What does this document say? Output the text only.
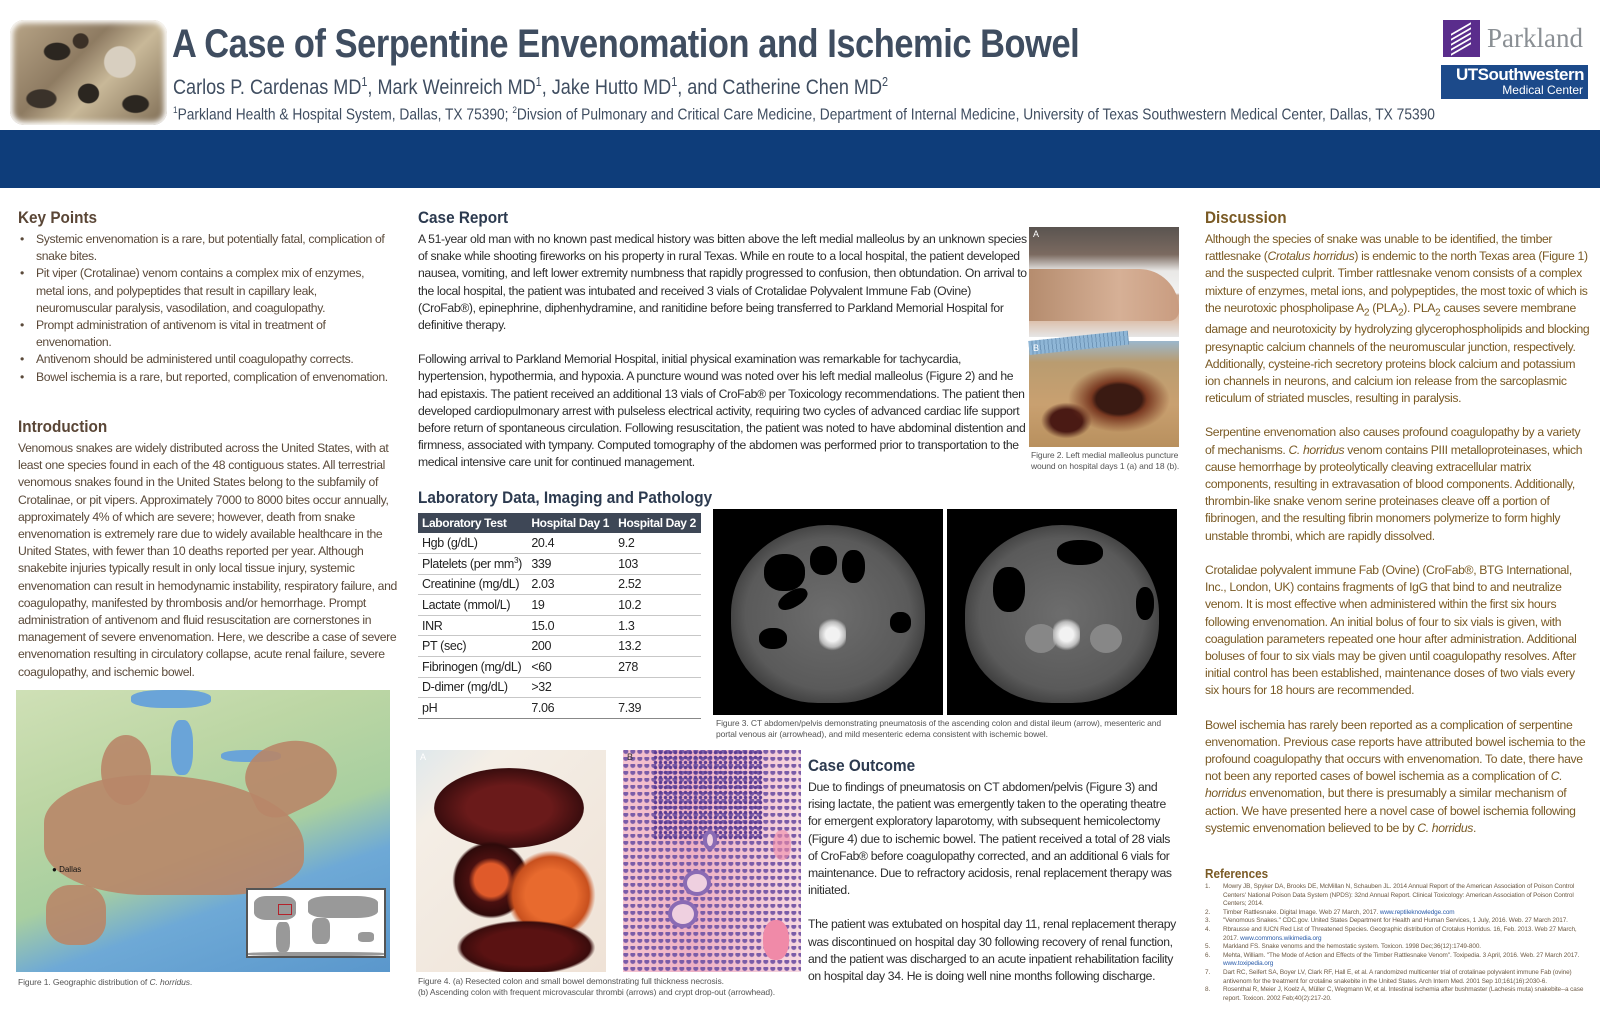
A Case of Serpentine Envenomation and Ischemic Bowel
Carlos P. Cardenas $MD^1$, Mark Weinreich $MD^1$, Jake Hutto $MD^1$, and Catherine Chen $MD^2$
$^1$Parkland Health & Hospital System, Dallas, TX 75390; $^2$Divsion of Pulmonary and Critical Care Medicine, Department of Internal Medicine, University of Texas Southwestern Medical Center, Dallas, TX 75390
Parkland
UTSouthwestern
Medical Center
Key Points
• Systemic envenomation is a rare, but potentially fatal, complication of snake bites.
• Pit viper (Crotalinae) venom contains a complex mix of enzymes, metal ions, and polypeptides that result in capillary leak, neuromuscular paralysis, vasodilation, and coagulopathy.
• Prompt administration of antivenom is vital in treatment of envenomation.
• Antivenom should be administered until coagulopathy corrects.
• Bowel ischemia is a rare, but reported, complication of envenomation.
Introduction

Venomous snakes are widely distributed across the United States, with at least one species found in each of the 48 contiguous states. All terrestrial venomous snakes found in the United States belong to the subfamily of Crotalinae, or pit vipers. Approximately 7000 to 8000 bites occur annually, approximately 4% of which are severe; however, death from snake envenomation is extremely rare due to widely available healthcare in the United States, with fewer than 10 deaths reported per year. Although snakebite injuries typically result in only local tissue injury, systemic envenomation can result in hemodynamic instability, respiratory failure, and coagulopathy, manifested by thrombosis and/or hemorrhage. Prompt administration of antivenom and fluid resuscitation are cornerstones in management of severe envenomation. Here, we describe a case of severe envenomation resulting in circulatory collapse, acute renal failure, severe coagulopathy, and ischemic bowel.

● Dallas
Figure 1. Geographic distribution of C. horridus.
Case Report

A 51-year old man with no known past medical history was bitten above the left medial malleolus by an unknown species of snake while shooting fireworks on his property in rural Texas. While en route to a local hospital, the patient developed nausea, vomiting, and left lower extremity numbness that rapidly progressed to confusion, then obtundation. On arrival to the local hospital, the patient was intubated and received 3 vials of Crotalidae Polyvalent Immune Fab (Ovine) (CroFab®), epinephrine, diphenhydramine, and ranitidine before being transferred to Parkland Memorial Hospital for definitive therapy.

Following arrival to Parkland Memorial Hospital, initial physical examination was remarkable for tachycardia, hypertension, hypothermia, and hypoxia. A puncture wound was noted over his left medial malleolus (Figure 2) and he had epistaxis. The patient received an additional 13 vials of CroFab® per Toxicology recommendations. The patient then developed cardiopulmonary arrest with pulseless electrical activity, requiring two cycles of advanced cardiac life support before return of spontaneous circulation. Following resuscitation, the patient was noted to have abdominal distention and firmness, associated with tympany. Computed tomography of the abdomen was performed prior to transportation to the medical intensive care unit for continued management.

A
B
Figure 2. Left medial malleolus puncture wound on hospital days 1 (a) and 18 (b).
Laboratory Data, Imaging and Pathology
Laboratory Test	Hospital Day 1	Hospital Day 2
Hgb (g/dL)	20.4	9.2
Platelets (per $mm^3$)	339	103
Creatinine (mg/dL)	2.03	2.52
Lactate (mmol/L)	19	10.2
INR	15.0	1.3
PT (sec)	200	13.2
Fibrinogen (mg/dL)	<60	278
D-dimer (mg/dL)	>32	
pH	7.06	7.39
Figure 3. CT abdomen/pelvis demonstrating pneumatosis of the ascending colon and distal ileum (arrow), mesenteric and portal venous air (arrowhead), and mild mesenteric edema consistent with ischemic bowel.
A	B
Figure 4. (a) Resected colon and small bowel demonstrating full thickness necrosis.
(b) Ascending colon with frequent microvascular thrombi (arrows) and crypt drop-out (arrowhead).
Case Outcome

Due to findings of pneumatosis on CT abdomen/pelvis (Figure 3) and rising lactate, the patient was emergently taken to the operating theatre for emergent exploratory laparotomy, with subsequent hemicolectomy (Figure 4) due to ischemic bowel. The patient received a total of 28 vials of CroFab® before coagulopathy corrected, and an additional 6 vials for maintenance. Due to refractory acidosis, renal replacement therapy was initiated.

The patient was extubated on hospital day 11, renal replacement therapy was discontinued on hospital day 30 following recovery of renal function, and the patient was discharged to an acute inpatient rehabilitation facility on hospital day 34. He is doing well nine months following discharge.

Discussion

Although the species of snake was unable to be identified, the timber rattlesnake (Crotalus horridus) is endemic to the north Texas area (Figure 1) and the suspected culprit. Timber rattlesnake venom consists of a complex mixture of enzymes, metal ions, and polypeptides, the most toxic of which is the neurotoxic phospholipase $A_2$ $(PLA_2)$. $PLA_2$ causes severe membrane damage and neurotoxicity by hydrolyzing glycerophospholipids and blocking presynaptic calcium channels of the neuromuscular junction, respectively. Additionally, cysteine-rich secretory proteins block calcium and potassium ion channels in neurons, and calcium ion release from the sarcoplasmic reticulum of striated muscles, resulting in paralysis.

Serpentine envenomation also causes profound coagulopathy by a variety of mechanisms. C. horridus venom contains PIII metalloproteinases, which cause hemorrhage by proteolytically cleaving extracellular matrix components, resulting in extravasation of blood components. Additionally, thrombin-like snake venom serine proteinases cleave off a portion of fibrinogen, and the resulting fibrin monomers polymerize to form highly unstable thrombi, which are rapidly dissolved.

Crotalidae polyvalent immune Fab (Ovine) (CroFab®, BTG International, Inc., London, UK) contains fragments of IgG that bind to and neutralize venom. It is most effective when administered within the first six hours following envenomation. An initial bolus of four to six vials is given, with coagulation parameters repeated one hour after administration. Additional boluses of four to six vials may be given until coagulopathy resolves. After initial control has been established, maintenance doses of two vials every six hours for 18 hours are recommended.

Bowel ischemia has rarely been reported as a complication of serpentine envenomation. Previous case reports have attributed bowel ischemia to the profound coagulopathy that occurs with envenomation. To date, there have not been any reported cases of bowel ischemia as a complication of C. horridus envenomation, but there is presumably a similar mechanism of action. We have presented here a novel case of bowel ischemia following systemic envenomation believed to be by C. horridus.

References
1. Mowry JB, Spyker DA, Brooks DE, McMillan N, Schauben JL. 2014 Annual Report of the American Association of Poison Control Centers' National Poison Data System (NPDS): 32nd Annual Report. Clinical Toxicology: American Association of Poison Control Centers; 2014.
2. Timber Rattlesnake. Digital Image. Web 27 March, 2017. www.reptileknowledge.com
3. "Venomous Snakes." CDC.gov. United States Department for Health and Human Services, 1 July, 2016. Web. 27 March 2017.
4. Rbrausse and IUCN Red List of Threatened Species. Geographic distribution of Crotalus Horridus. 16, Feb. 2013. Web 27 March, 2017. www.commons.wikimedia.org
5. Markland FS. Snake venoms and the hemostatic system. Toxicon. 1998 Dec;36(12):1749-800.
6. Mehta, William. "The Mode of Action and Effects of the Timber Rattlesnake Venom". Toxipedia. 3 April, 2016. Web. 27 March 2017. www.toxipedia.org
7. Dart RC, Seifert SA, Boyer LV, Clark RF, Hall E, et al. A randomized multicenter trial of crotalinae polyvalent immune Fab (ovine) antivenom for the treatment for crotaline snakebite in the United States. Arch Intern Med. 2001 Sep 10;161(16):2030-6.
8. Rosenthal R, Meier J, Koelz A, Müller C, Wegmann W, et al. Intestinal ischemia after bushmaster (Lachesis muta) snakebite--a case report. Toxicon. 2002 Feb;40(2):217-20.
